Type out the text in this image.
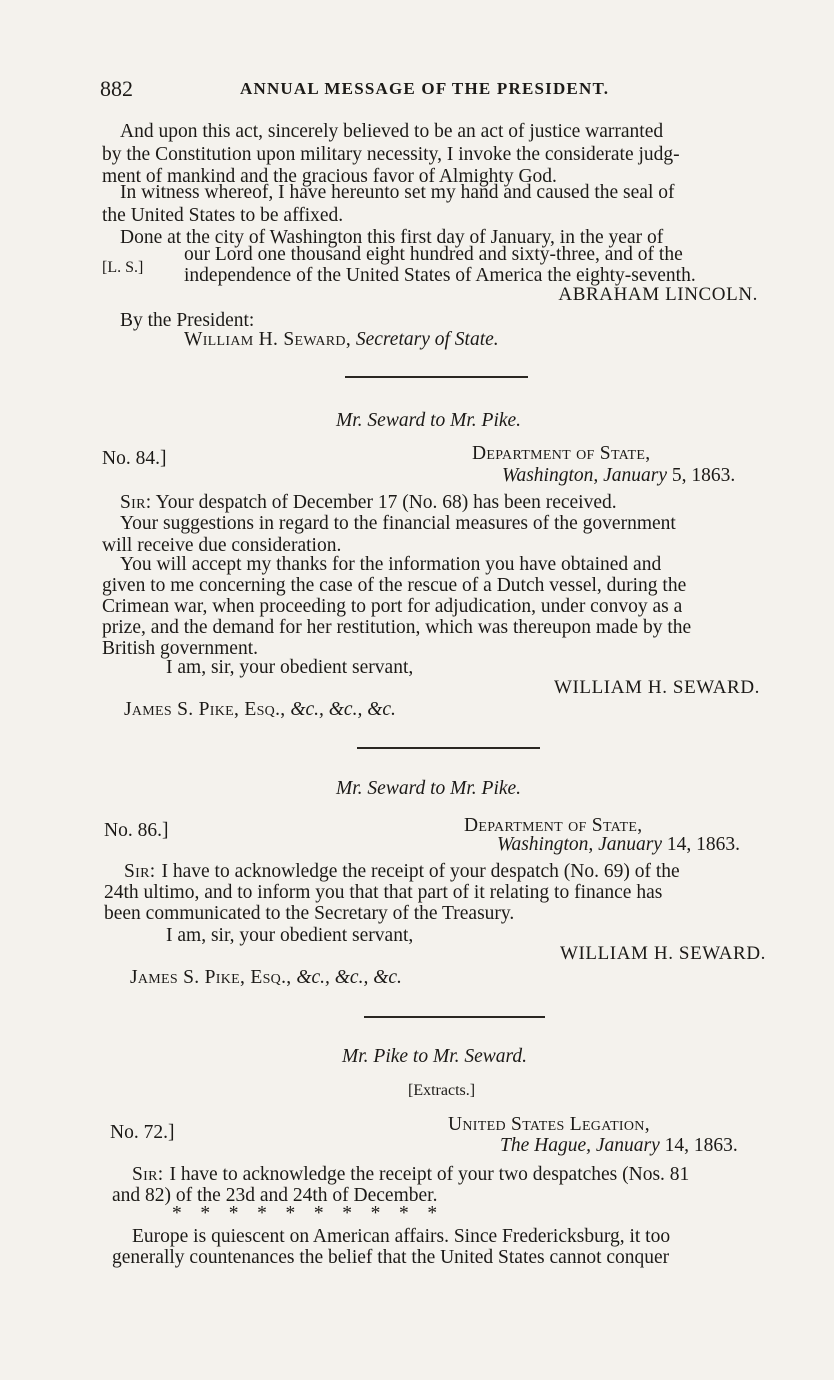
882	ANNUAL MESSAGE OF THE PRESIDENT.
And upon this act, sincerely believed to be an act of justice warranted
by the Constitution upon military necessity, I invoke the considerate judg-
ment of mankind and the gracious favor of Almighty God.
In witness whereof, I have hereunto set my hand and caused the seal of
the United States to be affixed.
Done at the city of Washington this first day of January, in the year of
our Lord one thousand eight hundred and sixty-three, and of the
[L. S.] independence of the United States of America the eighty-seventh.
ABRAHAM LINCOLN.
By the President:
William H. Seward, Secretary of State.
Mr. Seward to Mr. Pike.
No. 84.]	Department of State,
Washington, January 5, 1863.
Sir: Your despatch of December 17 (No. 68) has been received.
Your suggestions in regard to the financial measures of the government
will receive due consideration.
You will accept my thanks for the information you have obtained and
given to me concerning the case of the rescue of a Dutch vessel, during the
Crimean war, when proceeding to port for adjudication, under convoy as a
prize, and the demand for her restitution, which was thereupon made by the
British government.
I am, sir, your obedient servant,
WILLIAM H. SEWARD.
James S. Pike, Esq., &c., &c., &c.
Mr. Seward to Mr. Pike.
No. 86.]	Department of State,
Washington, January 14, 1863.
Sir: I have to acknowledge the receipt of your despatch (No. 69) of the
24th ultimo, and to inform you that that part of it relating to finance has
been communicated to the Secretary of the Treasury.
I am, sir, your obedient servant,
WILLIAM H. SEWARD.
James S. Pike, Esq., &c., &c., &c.
Mr. Pike to Mr. Seward.
[Extracts.]
No. 72.]	United States Legation,
The Hague, January 14, 1863.
Sir: I have to acknowledge the receipt of your two despatches (Nos. 81
and 82) of the 23d and 24th of December.
*   *   *   *   *   *   *   *   *   *
Europe is quiescent on American affairs. Since Fredericksburg, it too
generally countenances the belief that the United States cannot conquer
